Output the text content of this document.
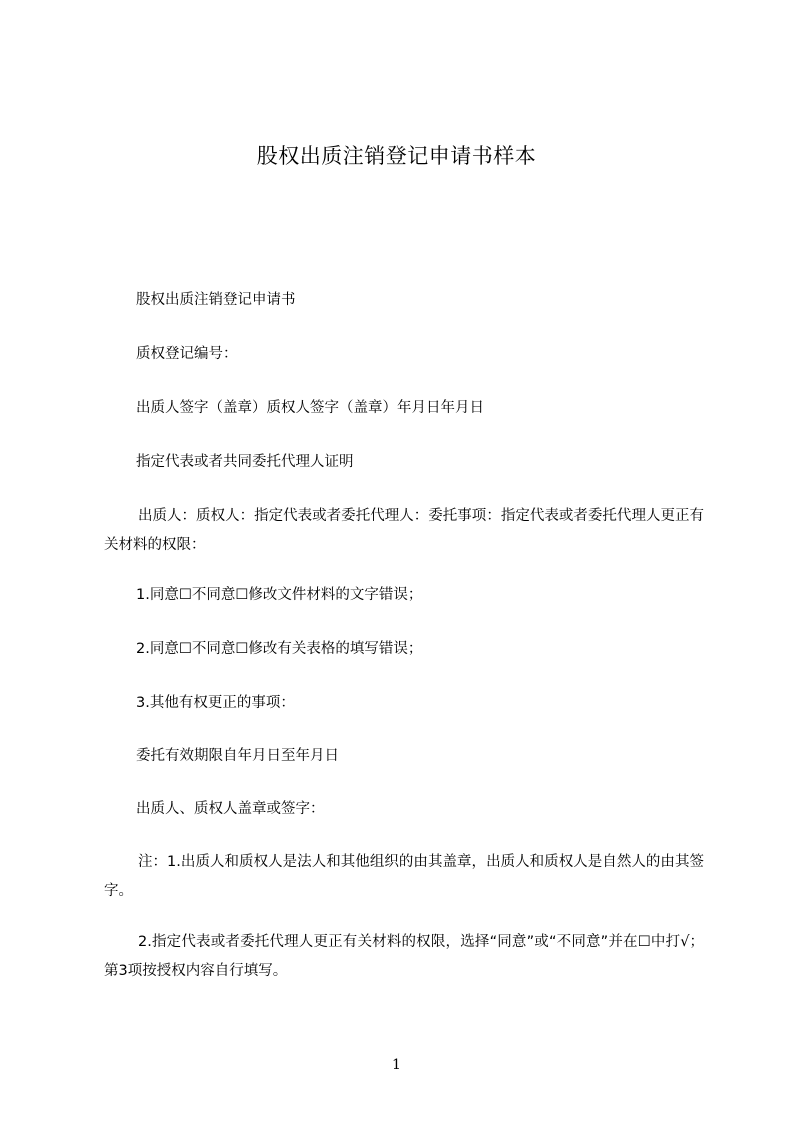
股权出质注销登记申请书样本
股权出质注销登记申请书
质权登记编号：
出质人签字（盖章）质权人签字（盖章）年月日年月日
指定代表或者共同委托代理人证明
出质人：质权人：指定代表或者委托代理人：委托事项：指定代表或者委托代理人更正有关材料的权限：
1.同意☐不同意☐修改文件材料的文字错误；
2.同意☐不同意☐修改有关表格的填写错误；
3.其他有权更正的事项：
委托有效期限自年月日至年月日
出质人、质权人盖章或签字：
注：1.出质人和质权人是法人和其他组织的由其盖章，出质人和质权人是自然人的由其签字。
2.指定代表或者委托代理人更正有关材料的权限，选择“同意”或“不同意”并在☐中打√；第3项按授权内容自行填写。
1
